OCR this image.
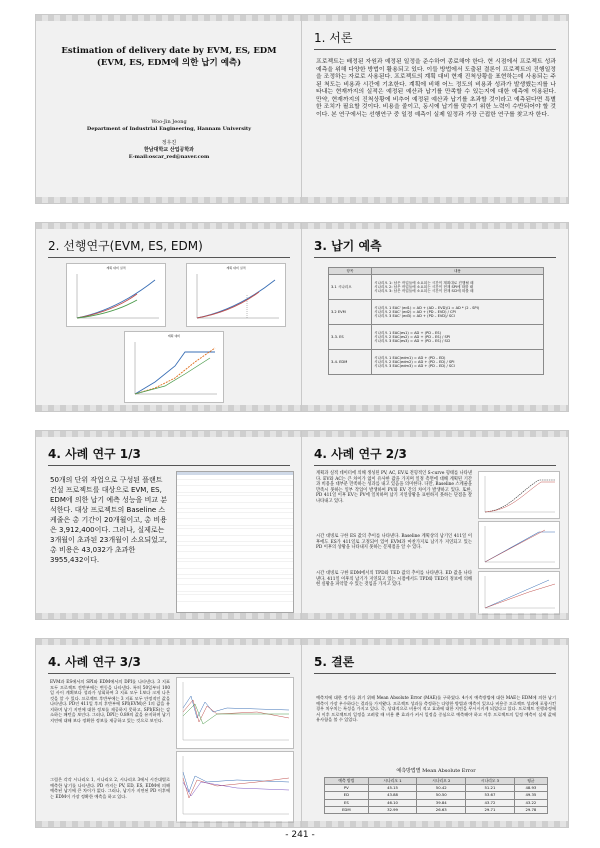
Estimation of delivery date by EVM, ES, EDM
(EVM, ES, EDM에 의한 납기 예측)
Woo-Jin Jeong
Department of Industrial Engineering, Hannam University
정우진
한남대학교 산업공학과
E-mail:oscar_red@naver.com
1. 서론
프로젝트는 배정된 자원과 예정된 일정을 준수하여 종료해야 한다. 현 시점에서 프로젝트 성과 예측을 위해 다양한 방법이 활용되고 있다. 이들 방법에서 도출된 결론이 프로젝트의 진행일정을 조정하는 자료로 사용된다. 프로젝트의 계획 대비 현재 진척상황을 표현하는데 사용되는 주된 척도는 비용과 시간에 기초한다. 계획에 비해 어느 정도의 비용과 성과가 발생했는지를 나타내는 현재까지의 실적은 예정된 예산과 납기를 만족할 수 있는지에 대한 예측에 이용된다. 만약, 현재까지의 진척상황에 비추어 예정된 예산과 납기를 초과할 것이라고 예측된다면 특별한 조치가 필요할 것이다. 비용을 줄이고, 동시에 납기를 맞추기 위한 노력이 수반되어야 할 것이다. 본 연구에서는 선행연구 중 일정 예측이 실제 일정과 가장 근접한 연구를 찾고자 한다.
2. 선행연구(EVM, ES, EDM)
계획 대비 실적	계획 대비 실적
계획 대비
3. 납기 예측
항목	내용
3.1 시나리오	시나리오 1: 남은 작업들에 소요되는 시간이 계획대로 진행될 때
시나리오 2: 남은 작업들에 소요되는 시간이 현재 SPI에 따를 때
시나리오 3: 남은 작업들에 소요되는 시간이 현재 SCI에 따를 때

3.2 EVM	시나리오 1 EAC' (ed1) = AD + (AD – EVD)/1 = AD * (2 - SPI)
시나리오 2 EAC' (ed2) = AD + (PD – EVD) / CPI
시나리오 3 EAC' (ed3) = AD + (PD – EVD)/ SCI

3-3. ES	시나리오 1 EAC(es1) = AD + (PD – ES)
시나리오 2 EAC(es2) = AD + (PD – ES) / SPI
시나리오 3 EAC(es3) = AD + (PD – ES) / SCI

3-4. EDM	시나리오 1 EAC(edm1) = AD + (PD – ED)
시나리오 2 EAC(edm2) = AD + (PD – ED) / SPI
시나리오 3 EAC(edm3) = AD + (PD – ED) / SCI
4. 사례 연구 1/3
50개의 단위 작업으로 구성된 플랜트 건설 프로젝트를 대상으로 EVM, ES, EDM에 의한 납기 예측 성능을 비교 분석한다. 대상 프로젝트의 Baseline 스케줄은 총 기간이 20개월이고, 총 비용은 3,912,400이다. 그러나, 실제로는 3개월이 초과된 23개월이 소요되었고, 총 비용은 43,032가 초과한 3955,432이다.
4. 사례 연구 2/3
계획과 실적 데이터에 의해 생성된 PV, AC, EV로 전형적인 S-curve 형태를 나타낸다. EV와 AC는 큰 차이가 없이 유사한 값을 가지며 일정 측면에 대해 계획된 기간과 비용을 대부분 만족하는 성과를 내고 있음을 의미한다. 다만, Baseline 스케줄을 만족시 못하는 일부 작업이 발생하여 PV와 EV 간의 차이가 발생하고 있다. 또한, PD 411일 이후 EV는 PV에 일치하며 납기 지연상황을 표현하지 못하는 단점을 잘 나타내고 있다.
시간 대빙로 구한 ES 값의 추이를 나타낸다. Baseline 계획상의 남기인 411일 이후에도 ES가 411일로 고정되어 있어 EVM과 마찬가지로 남기가 지연되고 있는 PD 이후의 상황을 나타내지 못하는 문제점을 알 수 있다.
시간 대빙로 구한 EDM에서의 TPD와 TED 값의 추이를 나타낸다. ED 값을 나타낸다. 411일 이후의 납기가 지연되고 있는 시점에서도 TPD와 TED의 정보에 의해 현 실황을 파악할 수 있는 것임을 가지고 있다.
4. 사례 연구 3/3
EVM과 ES에서의 SPI와 EDM에서의 DPI를 나타낸다. 3 지표 모두 프로젝트 전반부에는 변동을 나타낸다. 특히 50일부터 100일 사이 계획보다 성과가 상회하여 3 지표 모두 1보다 크게 나온 것을 알 수 있다. 프로젝트 후반부에는 3 지표 모두 안정적인 값을 나타낸다. PD인 411일 후의 후반부에 SPI(EVM)은 1의 값을 유지하며 납기 지연에 대한 정보를 제공하지 못하고, SPI(ES)는 감소하는 패턴을 보인다. 그러나, DPI는 0.89의 값을 유지하며 납기 지연에 대해 보다 정확한 정보를 제공하고 있는 것으로 보인다.
그림은 각각 시나리오 1, 시나리오 2, 시나리오 3에서 시간대별로 예측한 납기를 나타낸다. PD 까지는 PV, ED, ES, EDM에 의해 예측된 납기에 큰 차이가 없다. 그러나, 납기가 지연된 PD 이후에는 EDM이 가장 정확한 예측을 하고 있다.
5. 결론
예측치에 대한 정가를 위기 위해 Mean Absolute Error (MAE)를 구하였다. 4가지 예측방법에 대한 MAE는 EDM에 의한 납기 예측이 가장 우수하다는 결과를 가져왔다. 프로젝트 성과를 측정하는 다양한 방법과 예측이 있으나 비용중 프로젝트 성과에 포함시킨 경우 치우치는 특성을 가지고 있다. 즉, 상대적으로 비용이 적고 효과에 대한 지연을 무시시키게 되었다고 있다. 프로젝트 진행과정에서 이후 프로젝트의 일정을 고려할 때 비용 뿐 효과가 커서 일정을 중심으로 예측해야 하고 이후 프로젝트의 일정 예측이 실제 값에 유사함을 볼 수 있었다.
예측방법별 Mean Absolute Error
예측 방법	시나리오 1	시나리오 2	시나리오 3	평균
PV	45.15	50.42	51.21	48.93
ED	43.88	50.50	53.67	49.35
ES	46.10	39.84	43.72	43.22
EDM	32.99	26.63	29.71	29.78
- 241 -
